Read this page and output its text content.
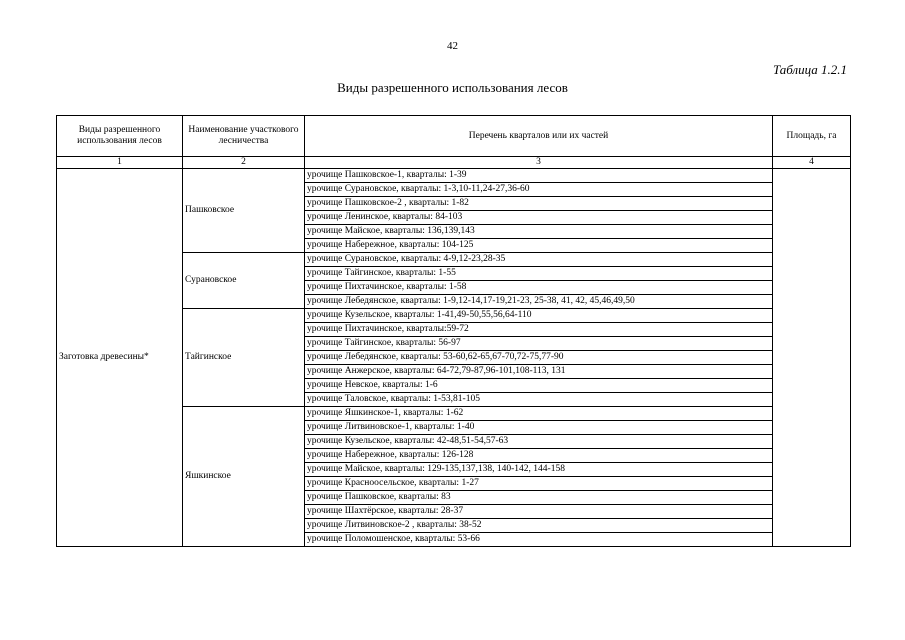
42
Таблица 1.2.1
Виды разрешенного использования лесов
Виды разрешенного использования лесов	Наименование участкового лесничества	Перечень кварталов или их частей	Площадь, га
1	2	3	4
Заготовка древесины*	Пашковское	урочище Пашковское-1, кварталы: 1-39	
		урочище Сурановское, кварталы: 1-3,10-11,24-27,36-60	
		урочище Пашковское-2 , кварталы: 1-82	
		урочище Ленинское, кварталы: 84-103	
		урочище Майское, кварталы: 136,139,143	
		урочище Набережное, кварталы: 104-125	
	Сурановское	урочище Сурановское, кварталы: 4-9,12-23,28-35	
		урочище Тайгинское, кварталы: 1-55	
		урочище Пихтачинское, кварталы: 1-58	
		урочище Лебедянское, кварталы: 1-9,12-14,17-19,21-23, 25-38, 41, 42, 45,46,49,50	
	Тайгинское	урочище Кузельское, кварталы: 1-41,49-50,55,56,64-110	
		урочище Пихтачинское, кварталы:59-72	
		урочище Тайгинское, кварталы: 56-97	
		урочище Лебедянское, кварталы: 53-60,62-65,67-70,72-75,77-90	
		урочище Анжерское, кварталы: 64-72,79-87,96-101,108-113, 131	
		урочище Невское, кварталы: 1-6	
		урочище Таловское, кварталы: 1-53,81-105	
	Яшкинское	урочище Яшкинское-1, кварталы: 1-62	
		урочище Литвиновское-1, кварталы: 1-40	
		урочище Кузельское, кварталы: 42-48,51-54,57-63	
		урочище Набережное, кварталы: 126-128	
		урочище Майское, кварталы: 129-135,137,138, 140-142, 144-158	
		урочище Красноосельское, кварталы: 1-27	
		урочище Пашковское, кварталы: 83	
		урочище Шахтёрское, кварталы: 28-37	
		урочище Литвиновское-2 , кварталы: 38-52	
		урочище Поломошенское, кварталы: 53-66	
